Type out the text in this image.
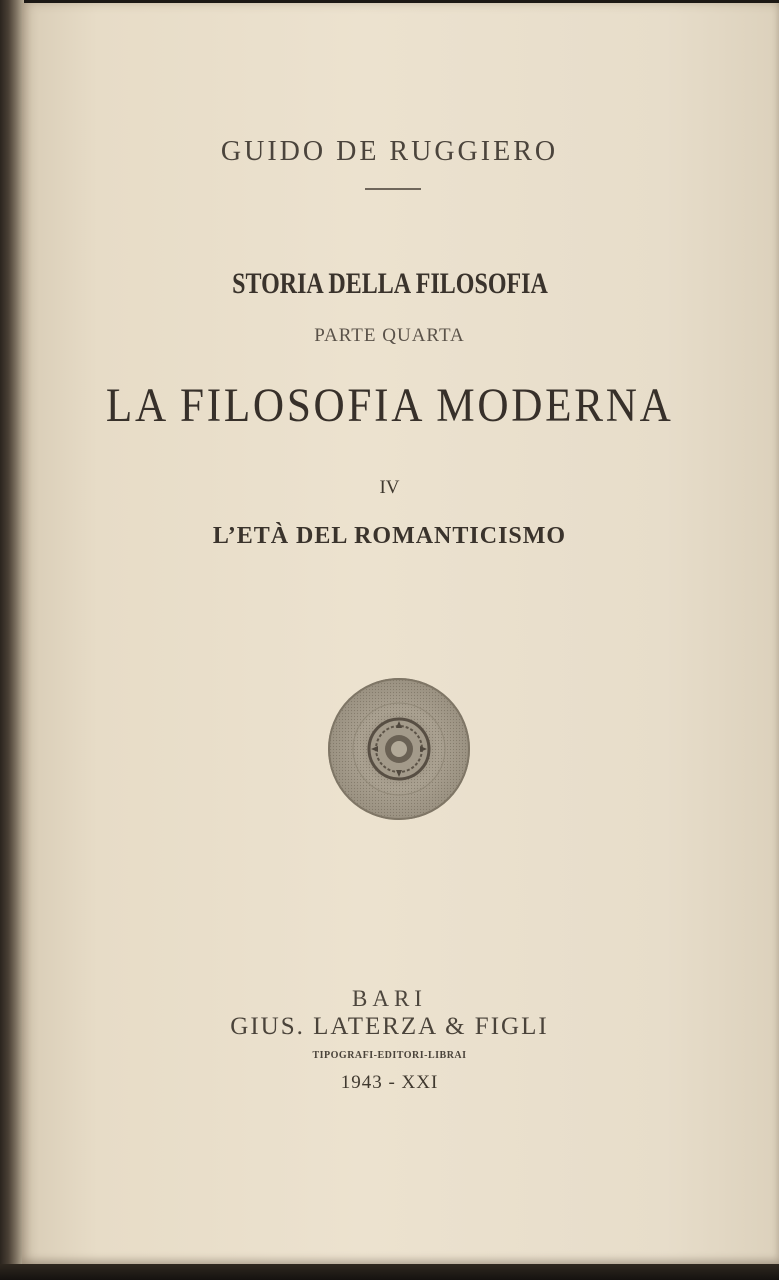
GUIDO DE RUGGIERO
STORIA DELLA FILOSOFIA
PARTE QUARTA
LA FILOSOFIA MODERNA
IV
L’ETÀ DEL ROMANTICISMO
BARI
GIUS. LATERZA & FIGLI
TIPOGRAFI-EDITORI-LIBRAI
1943 - XXI
